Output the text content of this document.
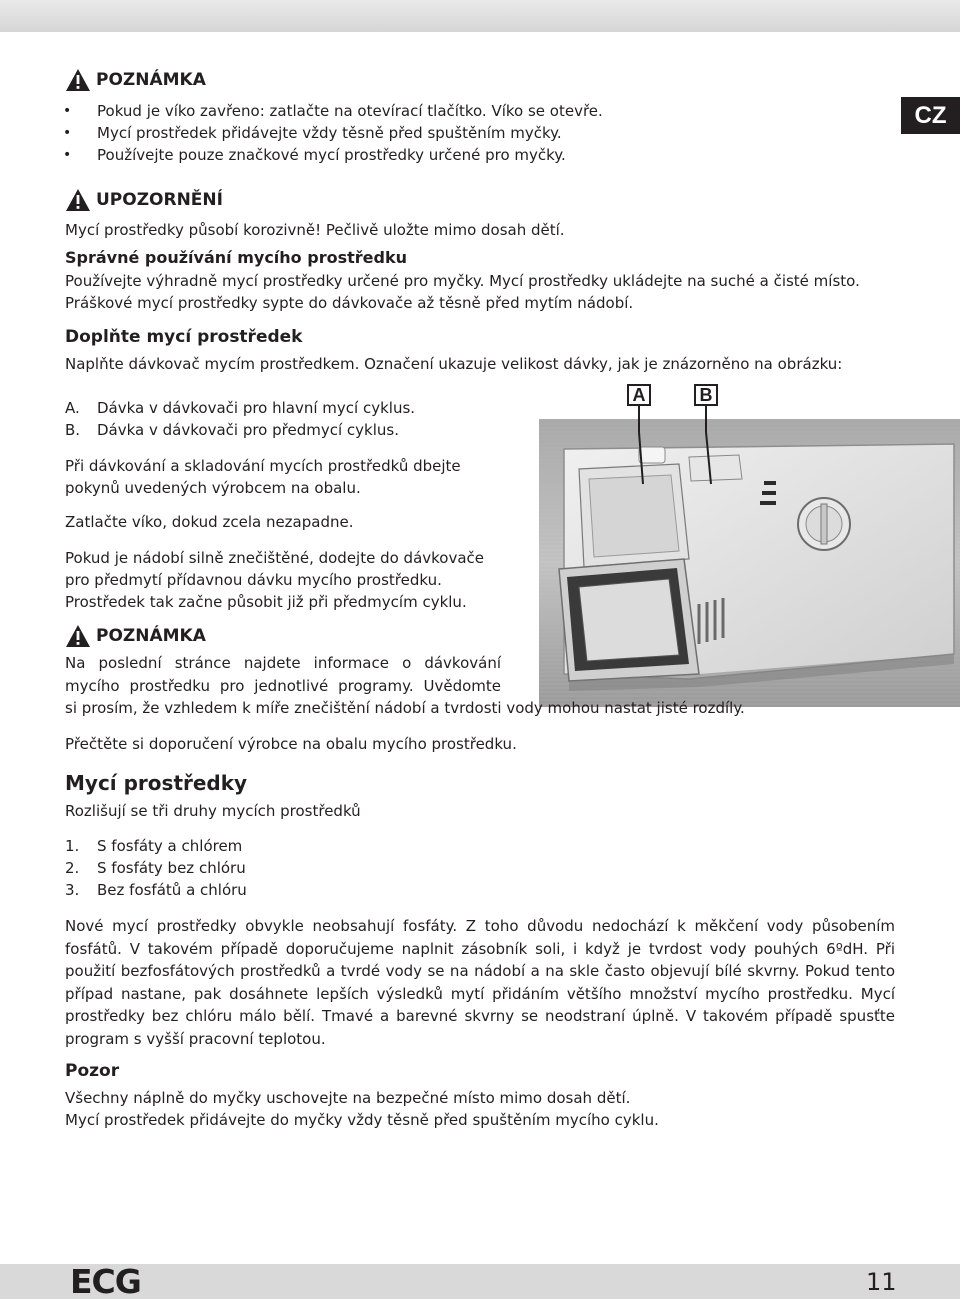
CZ
POZNÁMKA
• Pokud je víko zavřeno: zatlačte na otevírací tlačítko. Víko se otevře.
• Mycí prostředek přidávejte vždy těsně před spuštěním myčky.
• Používejte pouze značkové mycí prostředky určené pro myčky.
UPOZORNĚNÍ
Mycí prostředky působí korozivně! Pečlivě uložte mimo dosah dětí.
Správné používání mycího prostředku
Používejte výhradně mycí prostředky určené pro myčky. Mycí prostředky ukládejte na suché a čisté místo.
Práškové mycí prostředky sypte do dávkovače až těsně před mytím nádobí.
Doplňte mycí prostředek
Naplňte dávkovač mycím prostředkem. Označení ukazuje velikost dávky, jak je znázorněno na obrázku:
A. Dávka v dávkovači pro hlavní mycí cyklus.
B. Dávka v dávkovači pro předmycí cyklus.
Při dávkování a skladování mycích prostředků dbejte
pokynů uvedených výrobcem na obalu.
Zatlačte víko, dokud zcela nezapadne.
Pokud je nádobí silně znečištěné, dodejte do dávkovače
pro předmytí přídavnou dávku mycího prostředku.
Prostředek tak začne působit již při předmycím cyklu.
A	B
POZNÁMKA

Na poslední stránce najdete informace o dávkování mycího prostředku pro jednotlivé programy. Uvědomte

si prosím, že vzhledem k míře znečištění nádobí a tvrdosti vody mohou nastat jisté rozdíly.
Přečtěte si doporučení výrobce na obalu mycího prostředku.
Mycí prostředky
Rozlišují se tři druhy mycích prostředků
1. S fosfáty a chlórem
2. S fosfáty bez chlóru
3. Bez fosfátů a chlóru

Nové mycí prostředky obvykle neobsahují fosfáty. Z toho důvodu nedochází k měkčení vody působením fosfátů. V takovém případě doporučujeme naplnit zásobník soli, i když je tvrdost vody pouhých 6ºdH. Při použití bezfosfátových prostředků a tvrdé vody se na nádobí a na skle často objevují bílé skvrny. Pokud tento případ nastane, pak dosáhnete lepších výsledků mytí přidáním většího množství mycího prostředku. Mycí prostředky bez chlóru málo bělí. Tmavé a barevné skvrny se neodstraní úplně. V takovém případě spusťte program s vyšší pracovní teplotou.

Pozor
Všechny náplně do myčky uschovejte na bezpečné místo mimo dosah dětí.
Mycí prostředek přidávejte do myčky vždy těsně před spuštěním mycího cyklu.
ECG	11
